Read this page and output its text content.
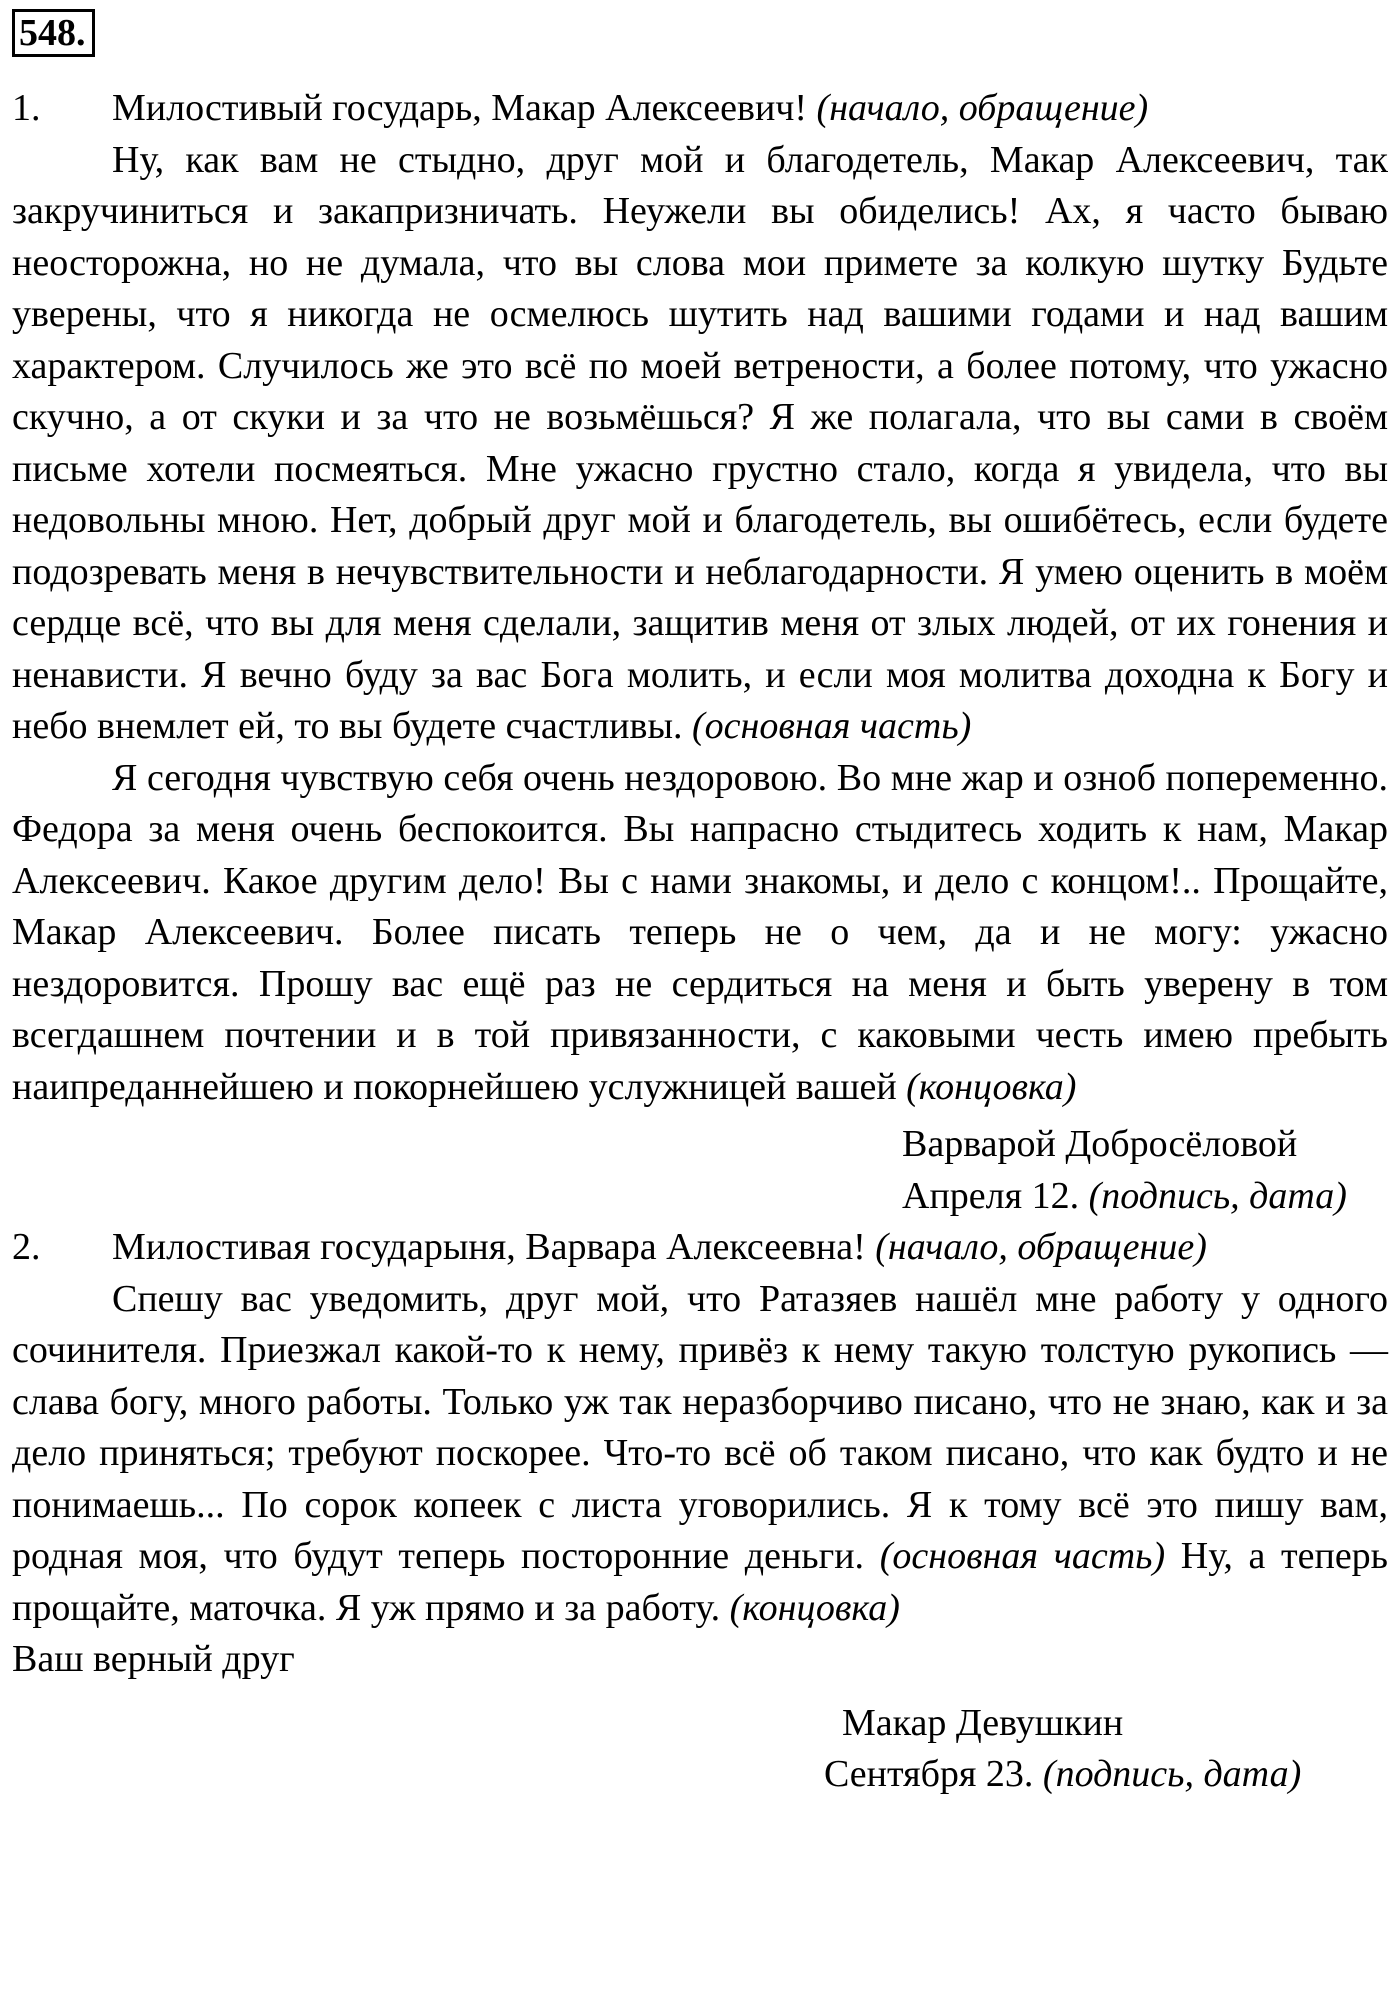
548.

1. Милостивый государь, Макар Алексеевич! (начало, обращение)

Ну, как вам не стыдно, друг мой и благодетель, Макар Алексеевич, так закручиниться и закапризничать. Неужели вы обиделись! Ах, я часто бываю неосторожна, но не думала, что вы слова мои примете за колкую шутку Будьте уверены, что я никогда не осмелюсь шутить над вашими годами и над вашим характером. Случилось же это всё по моей ветрености, а более потому, что ужасно скучно, а от скуки и за что не возьмёшься? Я же полагала, что вы сами в своём письме хотели посмеяться. Мне ужасно грустно стало, когда я увидела, что вы недовольны мною. Нет, добрый друг мой и благодетель, вы ошибётесь, если будете подозревать меня в нечувствительности и неблагодарности. Я умею оценить в моём сердце всё, что вы для меня сделали, защитив меня от злых людей, от их гонения и ненависти. Я вечно буду за вас Бога молить, и если моя молитва доходна к Богу и небо внемлет ей, то вы будете счастливы. (основная часть)

Я сегодня чувствую себя очень нездоровою. Во мне жар и озноб попеременно. Федора за меня очень беспокоится. Вы напрасно стыдитесь ходить к нам, Макар Алексеевич. Какое другим дело! Вы с нами знакомы, и дело с концом!.. Прощайте, Макар Алексеевич. Более писать теперь не о чем, да и не могу: ужасно нездоровится. Прошу вас ещё раз не сердиться на меня и быть уверену в том всегдашнем почтении и в той привязанности, с каковыми честь имею пребыть наипреданнейшею и покорнейшею услужницей вашей (концовка)

Варварой Добросёловой
Апреля 12. (подпись, дата)

2. Милостивая государыня, Варвара Алексеевна! (начало, обращение)

Спешу вас уведомить, друг мой, что Ратазяев нашёл мне работу у одного сочинителя. Приезжал какой-то к нему, привёз к нему такую толстую рукопись — слава богу, много работы. Только уж так неразборчиво писано, что не знаю, как и за дело приняться; требуют поскорее. Что-то всё об таком писано, что как будто и не понимаешь... По сорок копеек с листа уговорились. Я к тому всё это пишу вам, родная моя, что будут теперь посторонние деньги. (основная часть) Ну, а теперь прощайте, маточка. Я уж прямо и за работу. (концовка)

Ваш верный друг

Макар Девушкин
Сентября 23. (подпись, дата)
